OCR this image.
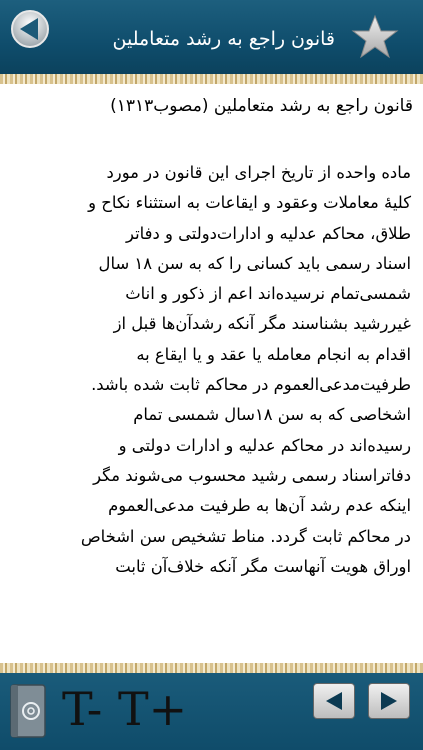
قانون راجع به رشد متعاملین
قانون راجع به رشد متعاملین (مصوب۱۳۱۳)
ماده واحده از تاریخ اجرای این قانون در مورد
کلیهٔ معاملات وعقود و ایقاعات به استثناء نکاح و
طلاق، محاکم عدلیه و ادارات‌دولتی و دفاتر
اسناد رسمی باید کسانی را که به سن ۱۸ سال
شمسی‌تمام نرسیده‌اند اعم از ذکور و اناث
غیررشید بشناسند مگر آنکه رشدآن‌ها قبل از
اقدام به انجام معامله یا عقد و یا ایقاع به
طرفیت‌مدعی‌العموم در محاکم ثابت شده باشد.
اشخاصی که به سن ۱۸سال شمسی تمام
رسیده‌اند در محاکم عدلیه و ادارات دولتی و
دفاتراسناد رسمی رشید محسوب می‌شوند مگر
اینکه عدم رشد آن‌ها به طرفیت مدعی‌العموم
در محاکم ثابت گردد. مناط تشخیص سن اشخاص
اوراق هویت آنهاست مگر آنکه خلاف‌آن ثابت
T- T+
